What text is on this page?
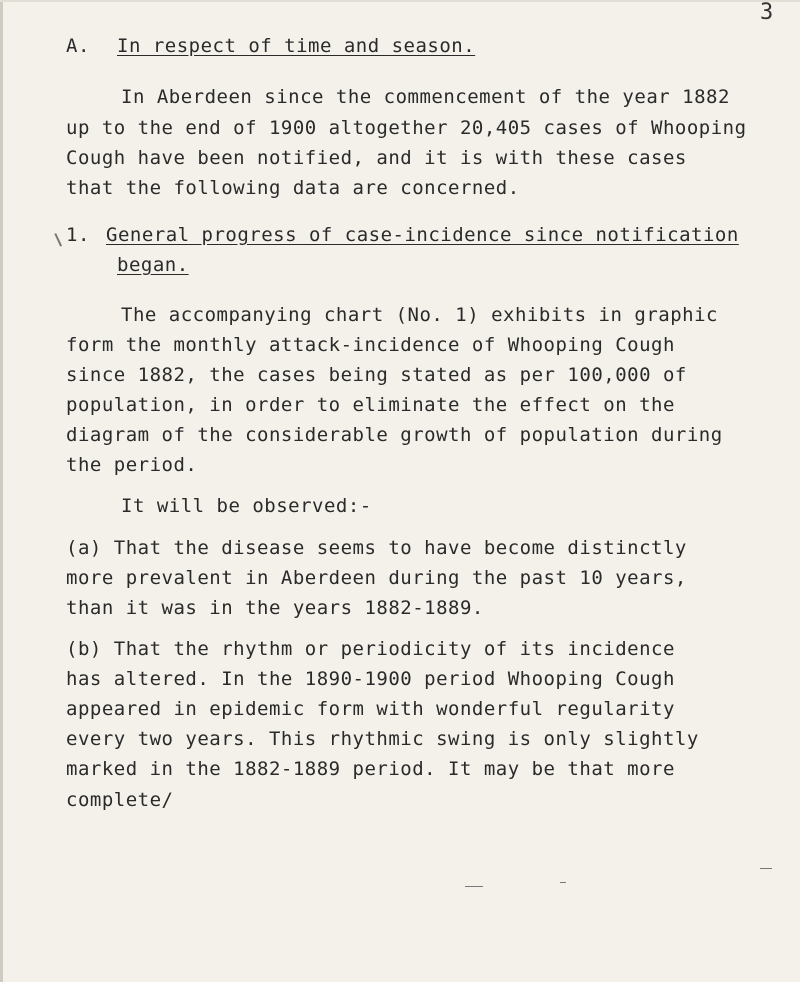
3
A. In respect of time and season.
In Aberdeen since the commencement of the year 1882
up to the end of 1900 altogether 20,405 cases of Whooping
Cough have been notified, and it is with these cases
that the following data are concerned.
1. General progress of case-incidence since notification
began.
The accompanying chart (No. 1) exhibits in graphic
form the monthly attack-incidence of Whooping Cough
since 1882, the cases being stated as per 100,000 of
population, in order to eliminate the effect on the
diagram of the considerable growth of population during
the period.
It will be observed:-
(a) That the disease seems to have become distinctly
more prevalent in Aberdeen during the past 10 years,
than it was in the years 1882-1889.
(b) That the rhythm or periodicity of its incidence
has altered. In the 1890-1900 period Whooping Cough
appeared in epidemic form with wonderful regularity
every two years. This rhythmic swing is only slightly
marked in the 1882-1889 period. It may be that more
complete/
